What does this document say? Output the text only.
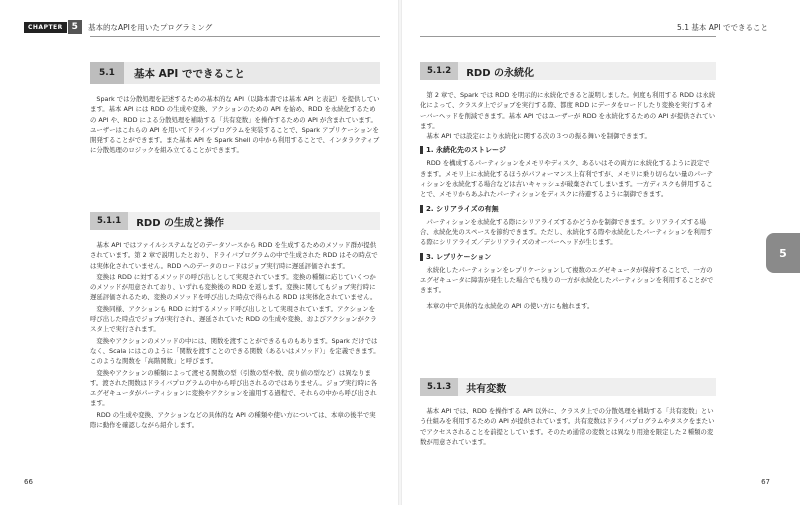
CHAPTER 5	基本的なAPIを用いたプログラミング
5.1	基本 API でできること

Spark では分散処理を記述するための基本的な API（以降本書では基本 API と表記）を提供しています。基本 API には RDD の生成や変換、アクションのための API を始め、RDD を永続化するための API や、RDD による分散処理を補助する「共有変数」を操作するための API が含まれています。ユーザーはこれらの API を用いてドライバプログラムを実装することで、Spark アプリケーションを開発することができます。また基本 API を Spark Shell の中から利用することで、インタラクティブに分散処理のロジックを組み立てることができます。

5.1.1	RDD の生成と操作

基本 API ではファイルシステムなどのデータソースから RDD を生成するためのメソッド群が提供されています。第 2 章で説明したとおり、ドライバプログラムの中で生成された RDD はその時点では実体化されていません。RDD へのデータのロードはジョブ実行時に遅延評価されます。

変換は RDD に対するメソッドの呼び出しとして実現されています。変換の種類に応じていくつかのメソッドが用意されており、いずれも変換後の RDD を返します。変換に関してもジョブ実行時に遅延評価されるため、変換のメソッドを呼び出した時点で得られる RDD は実体化されていません。

変換同様、アクションも RDD に対するメソッド呼び出しとして実現されています。アクションを呼び出した時点でジョブが実行され、遅延されていた RDD の生成や変換、およびアクションがクラスタ上で実行されます。

変換やアクションのメソッドの中には、関数を渡すことができるものもあります。Spark だけではなく、Scala にはこのように「関数を渡すことのできる関数（あるいはメソッド）」を定義できます。このような関数を「高階関数」と呼びます。

変換やアクションの種類によって渡せる関数の型（引数の型や数、戻り値の型など）は異なります。渡された関数はドライバプログラムの中から呼び出されるのではありません。ジョブ実行時に各エグゼキュータがパーティションに変換やアクションを適用する過程で、それらの中から呼び出されます。

RDD の生成や変換、アクションなどの具体的な API の種類や使い方については、本章の後半で実際に動作を確認しながら紹介します。

66
5.1 基本 API でできること
5.1.2	RDD の永続化

第 2 章で、Spark では RDD を明示的に永続化できると説明しました。何度も利用する RDD は永続化によって、クラスタ上でジョブを実行する際、都度 RDD にデータをロードしたり変換を実行するオーバーヘッドを削減できます。基本 API ではユーザーが RDD を永続化するための API が提供されています。

基本 API では設定により永続化に関する次の３つの振る舞いを制御できます。

1. 永続化先のストレージ

RDD を構成するパーティションをメモリやディスク、あるいはその両方に永続化するように設定できます。メモリ上に永続化するほうがパフォーマンス上有利ですが、メモリに乗り切らない量のパーティションを永続化する場合などは古いキャッシュが破棄されてしまいます。一方ディスクも併用することで、メモリからあふれたパーティションをディスクに待避するように制御できます。

2. シリアライズの有無

パーティションを永続化する際にシリアライズするかどうかを制御できます。シリアライズする場合、永続化先のスペースを節約できます。ただし、永続化する際や永続化したパーティションを利用する際にシリアライズ／デシリアライズのオーバーヘッドが生じます。

3. レプリケーション

永続化したパーティションをレプリケーションして複数のエグゼキュータが保持することで、一方のエグゼキュータに障害が発生した場合でも残りの一方が永続化したパーティションを利用することができます。

本章の中で具体的な永続化の API の使い方にも触れます。

5.1.3	共有変数

基本 API では、RDD を操作する API 以外に、クラスタ上での分散処理を補助する「共有変数」という仕組みを利用するための API が提供されています。共有変数はドライバプログラムやタスクをまたいでアクセスされることを前提としています。そのため通常の変数とは異なり用途を限定した２種類の変数が用意されています。

67
5
